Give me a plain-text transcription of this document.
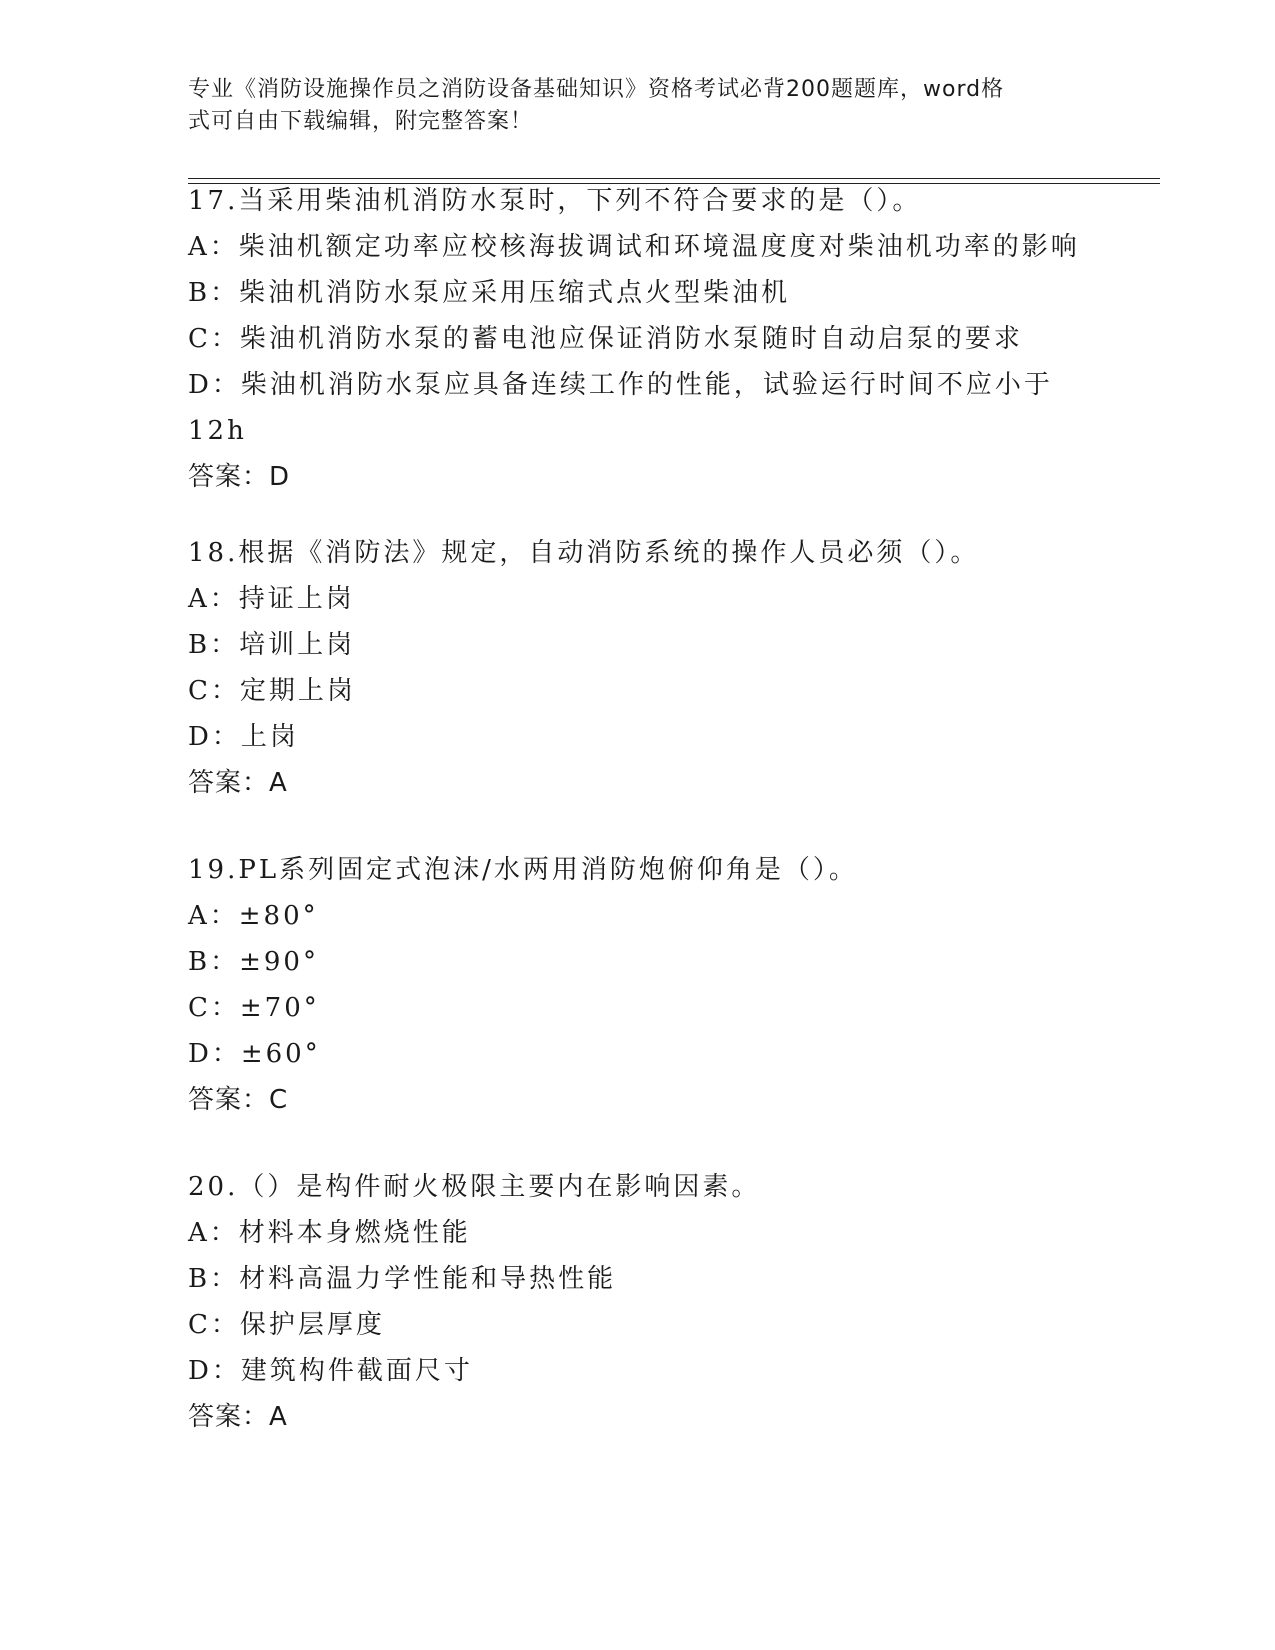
专业《消防设施操作员之消防设备基础知识》资格考试必背200题题库，word格
式可自由下载编辑，附完整答案！
17.当采用柴油机消防水泵时，下列不符合要求的是（）。
A：柴油机额定功率应校核海拔调试和环境温度度对柴油机功率的影响
B：柴油机消防水泵应采用压缩式点火型柴油机
C：柴油机消防水泵的蓄电池应保证消防水泵随时自动启泵的要求
D：柴油机消防水泵应具备连续工作的性能，试验运行时间不应小于
12h
答案：D
18.根据《消防法》规定，自动消防系统的操作人员必须（）。
A：持证上岗
B：培训上岗
C：定期上岗
D：上岗
答案：A
19.PL系列固定式泡沫/水两用消防炮俯仰角是（）。
A：±80°
B：±90°
C：±70°
D：±60°
答案：C
20.（）是构件耐火极限主要内在影响因素。
A：材料本身燃烧性能
B：材料高温力学性能和导热性能
C：保护层厚度
D：建筑构件截面尺寸
答案：A
